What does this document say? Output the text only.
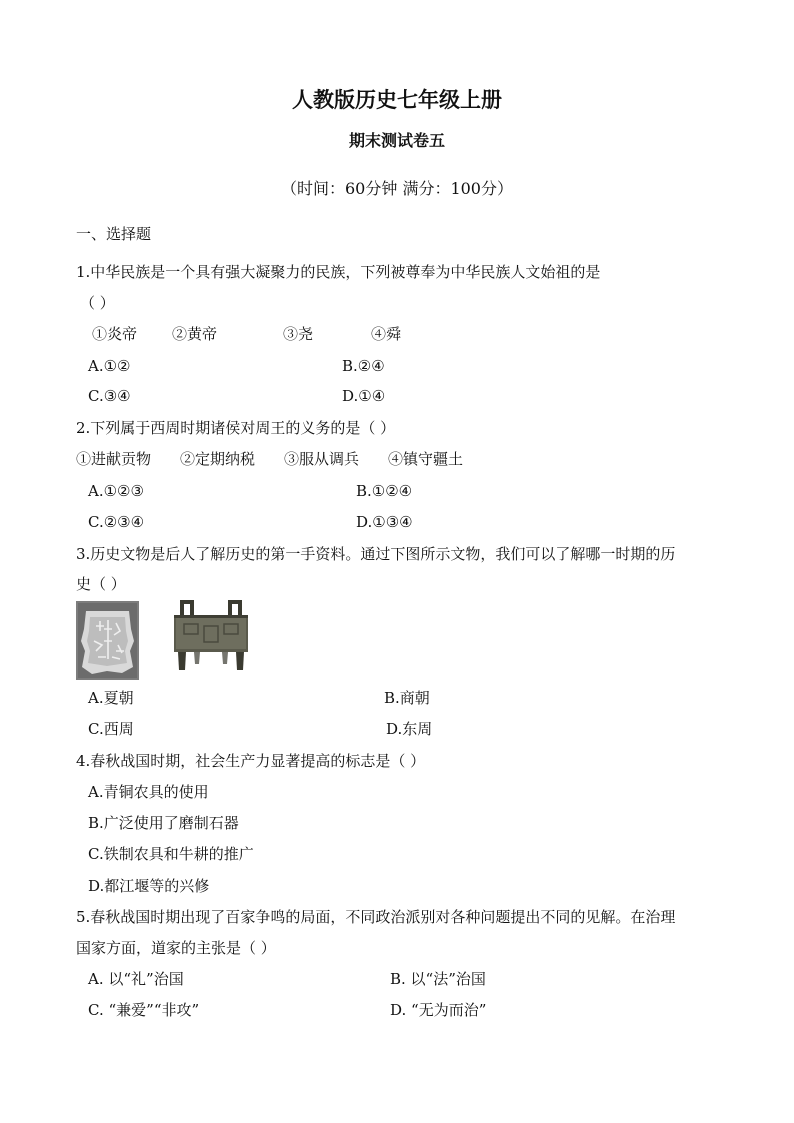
人教版历史七年级上册
期末测试卷五
（时间：60分钟 满分：100分）
一、选择题
1.中华民族是一个具有强大凝聚力的民族，下列被尊奉为中华民族人文始祖的是
（ ）
①炎帝 ②黄帝	③尧	④舜
A.①②	B.②④
C.③④	D.①④
2.下列属于西周时期诸侯对周王的义务的是（ ）
①进献贡物 ②定期纳税 ③服从调兵 ④镇守疆土
A.①②③	B.①②④
C.②③④	D.①③④
3.历史文物是后人了解历史的第一手资料。通过下图所示文物，我们可以了解哪一时期的历
史（ ）
A.夏朝	B.商朝
C.西周	D.东周
4.春秋战国时期，社会生产力显著提高的标志是（ ）
A.青铜农具的使用
B.广泛使用了磨制石器
C.铁制农具和牛耕的推广
D.都江堰等的兴修
5.春秋战国时期出现了百家争鸣的局面，不同政治派别对各种问题提出不同的见解。在治理
国家方面，道家的主张是（ ）
A. 以“礼”治国	B. 以“法”治国
C. “兼爱”“非攻”	D. “无为而治”
